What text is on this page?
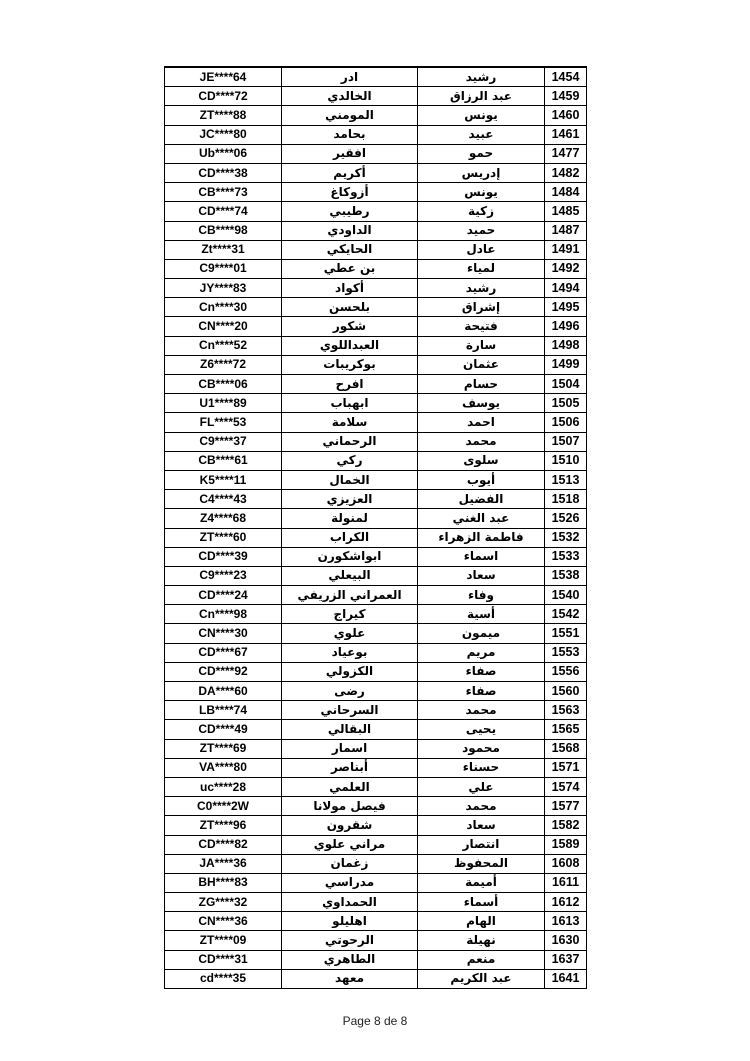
JE****64	ادر	رشيد	1454
CD****72	الخالدي	عبد الرزاق	1459
ZT****88	المومني	يونس	1460
JC****80	بحامد	عبيد	1461
Ub****06	افقير	حمو	1477
CD****38	أكريم	إدريس	1482
CB****73	أزوكاغ	يونس	1484
CD****74	رطيبي	زكية	1485
CB****98	الداودي	حميد	1487
Zt****31	الحايكي	عادل	1491
C9****01	بن عطي	لمياء	1492
JY****83	أكواد	رشيد	1494
Cn****30	بلحسن	إشراق	1495
CN****20	شكور	فتيحة	1496
Cn****52	العبداللوي	سارة	1498
Z6****72	بوكريبات	عثمان	1499
CB****06	افرح	حسام	1504
U1****89	ابهباب	يوسف	1505
FL****53	سلامة	احمد	1506
C9****37	الرحماني	محمد	1507
CB****61	ركي	سلوى	1510
K5****11	الخمال	أيوب	1513
C4****43	العزيزي	الفضيل	1518
Z4****68	لمنولة	عبد الغني	1526
ZT****60	الكراب	فاطمة الزهراء	1532
CD****39	ابواشكورن	اسماء	1533
C9****23	البيعلي	سعاد	1538
CD****24	العمراني الزريفي	وفاء	1540
Cn****98	كيراج	أسية	1542
CN****30	علوي	ميمون	1551
CD****67	بوعياد	مريم	1553
CD****92	الكزولي	صفاء	1556
DA****60	رضى	صفاء	1560
LB****74	السرحاني	محمد	1563
CD****49	البقالي	يحيى	1565
ZT****69	اسمار	محمود	1568
VA****80	أبناصر	حسناء	1571
uc****28	العلمي	علي	1574
C0****2W	فيصل مولانا	محمد	1577
ZT****96	شقرون	سعاد	1582
CD****82	مراني علوي	انتصار	1589
JA****36	زغمان	المحفوظ	1608
BH****83	مدراسي	أميمة	1611
ZG****32	الحمداوي	أسماء	1612
CN****36	اهليلو	الهام	1613
ZT****09	الرحوتي	نهيلة	1630
CD****31	الطاهري	منعم	1637
cd****35	معهد	عبد الكريم	1641
Page 8 de 8
